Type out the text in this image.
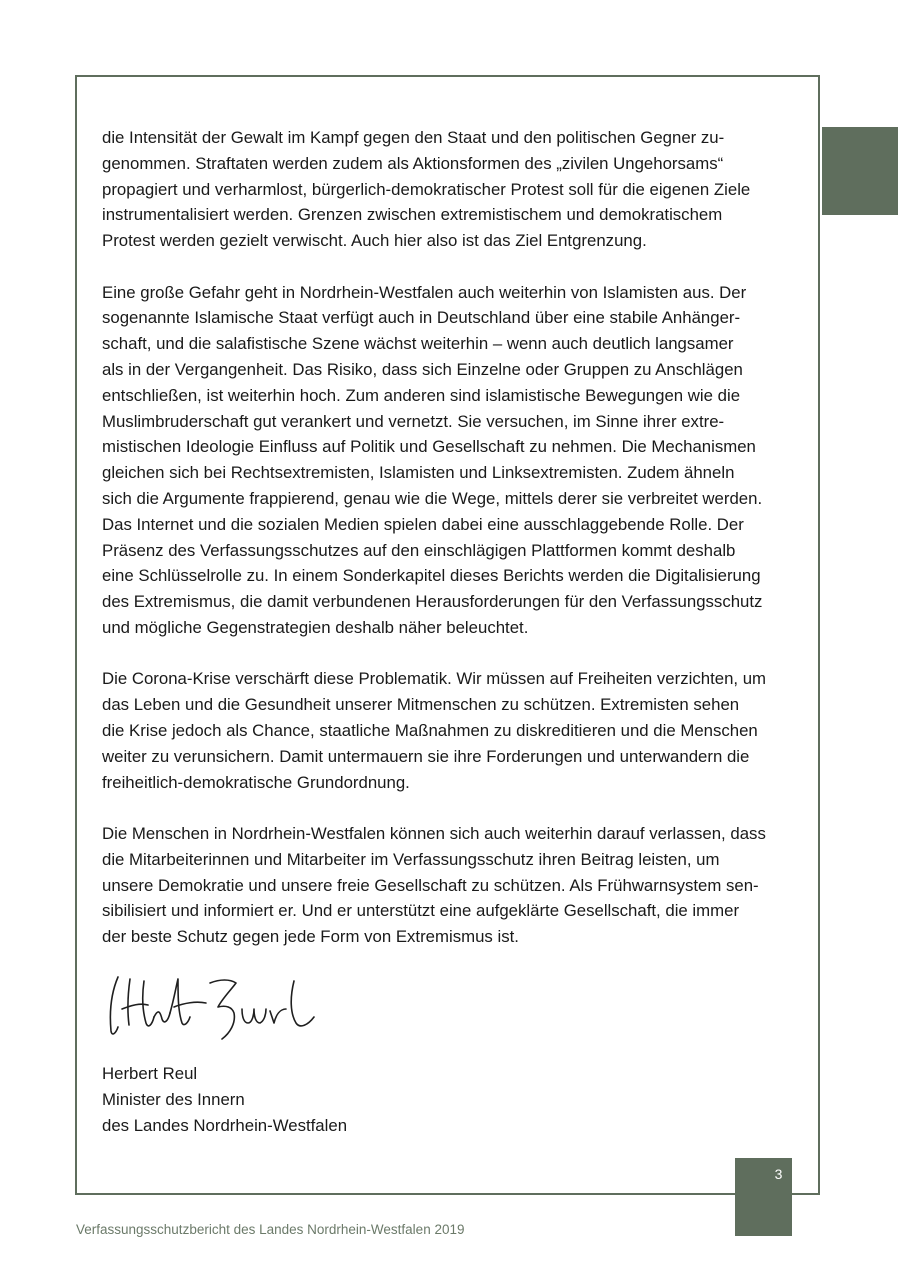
die Intensität der Gewalt im Kampf gegen den Staat und den politischen Gegner zu-
genommen. Straftaten werden zudem als Aktionsformen des „zivilen Ungehorsams“
propagiert und verharmlost, bürgerlich-demokratischer Protest soll für die eigenen Ziele
instrumentalisiert werden. Grenzen zwischen extremistischem und demokratischem
Protest werden gezielt verwischt. Auch hier also ist das Ziel Entgrenzung.

Eine große Gefahr geht in Nordrhein-Westfalen auch weiterhin von Islamisten aus. Der
sogenannte Islamische Staat verfügt auch in Deutschland über eine stabile Anhänger-
schaft, und die salafistische Szene wächst weiterhin – wenn auch deutlich langsamer
als in der Vergangenheit. Das Risiko, dass sich Einzelne oder Gruppen zu Anschlägen
entschließen, ist weiterhin hoch. Zum anderen sind islamistische Bewegungen wie die
Muslimbruderschaft gut verankert und vernetzt. Sie versuchen, im Sinne ihrer extre-
mistischen Ideologie Einfluss auf Politik und Gesellschaft zu nehmen. Die Mechanismen
gleichen sich bei Rechtsextremisten, Islamisten und Linksextremisten. Zudem ähneln
sich die Argumente frappierend, genau wie die Wege, mittels derer sie verbreitet werden.
Das Internet und die sozialen Medien spielen dabei eine ausschlaggebende Rolle. Der
Präsenz des Verfassungsschutzes auf den einschlägigen Plattformen kommt deshalb
eine Schlüsselrolle zu. In einem Sonderkapitel dieses Berichts werden die Digitalisierung
des Extremismus, die damit verbundenen Herausforderungen für den Verfassungsschutz
und mögliche Gegenstrategien deshalb näher beleuchtet.

Die Corona-Krise verschärft diese Problematik. Wir müssen auf Freiheiten verzichten, um
das Leben und die Gesundheit unserer Mitmenschen zu schützen. Extremisten sehen
die Krise jedoch als Chance, staatliche Maßnahmen zu diskreditieren und die Menschen
weiter zu verunsichern. Damit untermauern sie ihre Forderungen und unterwandern die
freiheitlich-demokratische Grundordnung.

Die Menschen in Nordrhein-Westfalen können sich auch weiterhin darauf verlassen, dass
die Mitarbeiterinnen und Mitarbeiter im Verfassungsschutz ihren Beitrag leisten, um
unsere Demokratie und unsere freie Gesellschaft zu schützen. Als Frühwarnsystem sen-
sibilisiert und informiert er. Und er unterstützt eine aufgeklärte Gesellschaft, die immer
der beste Schutz gegen jede Form von Extremismus ist.

Herbert Reul
Minister des Innern
des Landes Nordrhein-Westfalen
3
Verfassungsschutzbericht des Landes Nordrhein-Westfalen 2019
